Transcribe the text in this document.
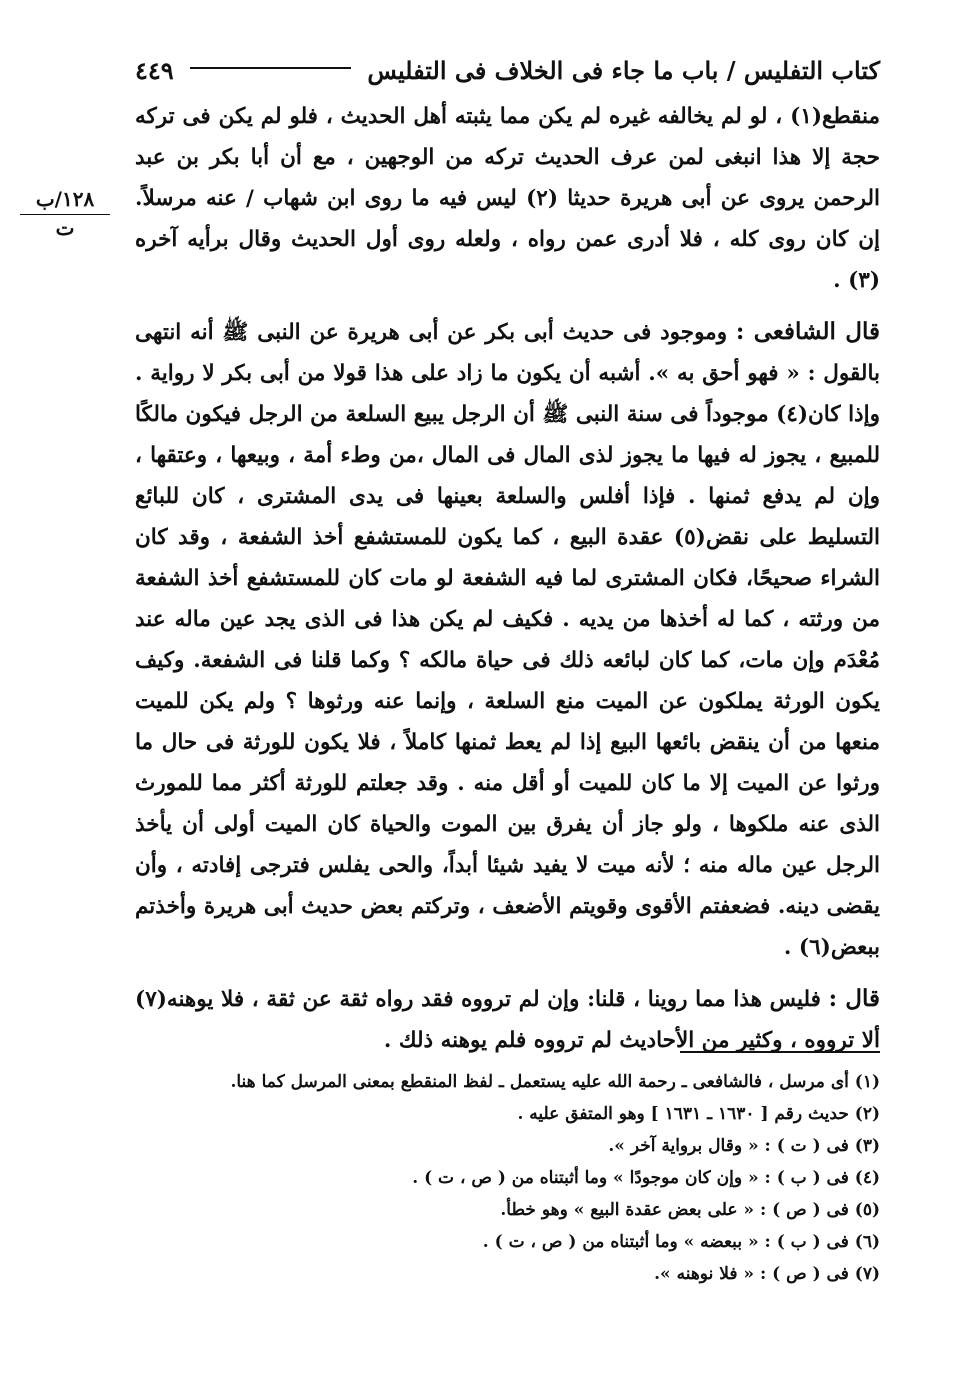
كتاب التفليس / باب ما جاء فى الخلاف فى التفليس
٤٤٩
١٢٨/ب
ت

منقطع(١) ، لو لم يخالفه غيره لم يكن مما يثبته أهل الحديث ، فلو لم يكن فى تركه حجة إلا هذا انبغى لمن عرف الحديث تركه من الوجهين ، مع أن أبا بكر بن عبد الرحمن يروى عن أبى هريرة حديثا (٢) ليس فيه ما روى ابن شهاب / عنه مرسلاً. إن كان روى كله ، فلا أدرى عمن رواه ، ولعله روى أول الحديث وقال برأيه آخره (٣) .

قال الشافعى : وموجود فى حديث أبى بكر عن أبى هريرة عن النبى ﷺ أنه انتهى بالقول : « فهو أحق به ». أشبه أن يكون ما زاد على هذا قولا من أبى بكر لا رواية . وإذا كان(٤) موجوداً فى سنة النبى ﷺ أن الرجل يبيع السلعة من الرجل فيكون مالكًا للمبيع ، يجوز له فيها ما يجوز لذى المال فى المال ،من وطء أمة ، وبيعها ، وعتقها ، وإن لم يدفع ثمنها . فإذا أفلس والسلعة بعينها فى يدى المشترى ، كان للبائع التسليط على نقض(٥) عقدة البيع ، كما يكون للمستشفع أخذ الشفعة ، وقد كان الشراء صحيحًا، فكان المشترى لما فيه الشفعة لو مات كان للمستشفع أخذ الشفعة من ورثته ، كما له أخذها من يديه . فكيف لم يكن هذا فى الذى يجد عين ماله عند مُعْدَم وإن مات، كما كان لبائعه ذلك فى حياة مالكه ؟ وكما قلنا فى الشفعة. وكيف يكون الورثة يملكون عن الميت منع السلعة ، وإنما عنه ورثوها ؟ ولم يكن للميت منعها من أن ينقض بائعها البيع إذا لم يعط ثمنها كاملاً ، فلا يكون للورثة فى حال ما ورثوا عن الميت إلا ما كان للميت أو أقل منه . وقد جعلتم للورثة أكثر مما للمورث الذى عنه ملكوها ، ولو جاز أن يفرق بين الموت والحياة كان الميت أولى أن يأخذ الرجل عين ماله منه ؛ لأنه ميت لا يفيد شيئا أبداً، والحى يفلس فترجى إفادته ، وأن يقضى دينه. فضعفتم الأقوى وقويتم الأضعف ، وتركتم بعض حديث أبى هريرة وأخذتم ببعض(٦) .

قال : فليس هذا مما روينا ، قلنا: وإن لم ترووه فقد رواه ثقة عن ثقة ، فلا يوهنه(٧) ألا ترووه ، وكثير من الأحاديث لم ترووه فلم يوهنه ذلك .

(١) أى مرسل ، فالشافعى ـ رحمة الله عليه يستعمل ـ لفظ المنقطع بمعنى المرسل كما هنا.
(٢) حديث رقم [ ١٦٣٠ ـ ١٦٣١ ] وهو المتفق عليه .
(٣) فى ( ت ) : « وقال برواية آخر ».
(٤) فى ( ب ) : « وإن كان موجودًا » وما أثبتناه من ( ص ، ت ) .
(٥) فى ( ص ) : « على بعض عقدة البيع » وهو خطأ.
(٦) فى ( ب ) : « ببعضه » وما أثبتناه من ( ص ، ت ) .
(٧) فى ( ص ) : « فلا نوهنه ».
